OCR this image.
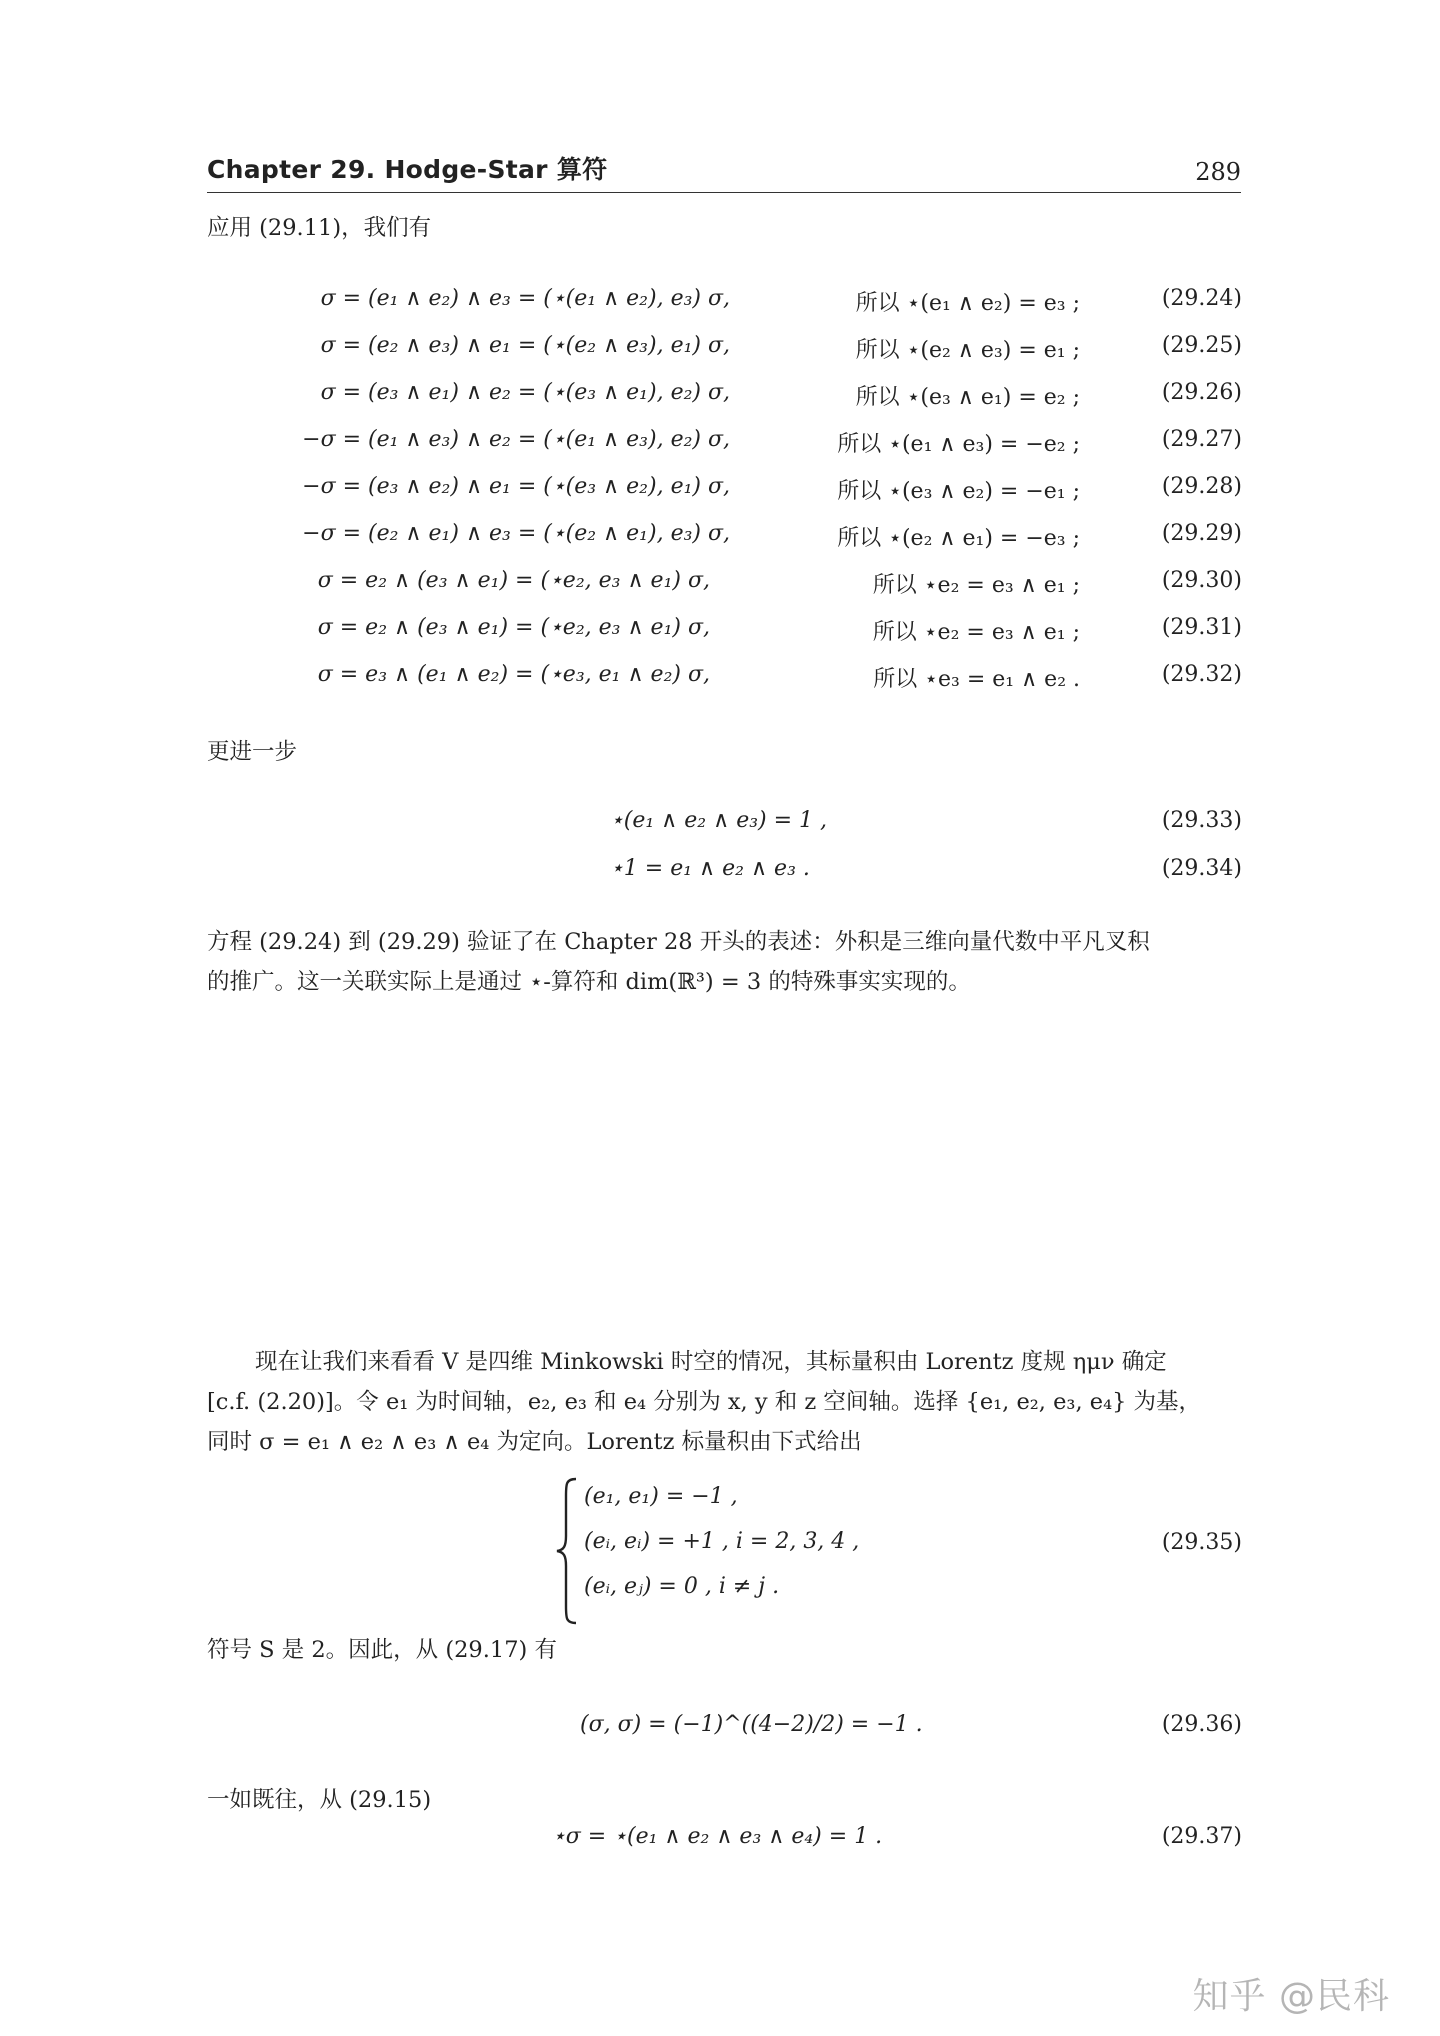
Chapter 29. Hodge-Star 算符	289
应用 (29.11)，我们有
σ = (e₁ ∧ e₂) ∧ e₃ = (⋆(e₁ ∧ e₂), e₃) σ,	所以 ⋆(e₁ ∧ e₂) = e₃ ;	(29.24)
σ = (e₂ ∧ e₃) ∧ e₁ = (⋆(e₂ ∧ e₃), e₁) σ,	所以 ⋆(e₂ ∧ e₃) = e₁ ;	(29.25)
σ = (e₃ ∧ e₁) ∧ e₂ = (⋆(e₃ ∧ e₁), e₂) σ,	所以 ⋆(e₃ ∧ e₁) = e₂ ;	(29.26)
−σ = (e₁ ∧ e₃) ∧ e₂ = (⋆(e₁ ∧ e₃), e₂) σ,	所以 ⋆(e₁ ∧ e₃) = −e₂ ;	(29.27)
−σ = (e₃ ∧ e₂) ∧ e₁ = (⋆(e₃ ∧ e₂), e₁) σ,	所以 ⋆(e₃ ∧ e₂) = −e₁ ;	(29.28)
−σ = (e₂ ∧ e₁) ∧ e₃ = (⋆(e₂ ∧ e₁), e₃) σ,	所以 ⋆(e₂ ∧ e₁) = −e₃ ;	(29.29)
σ = e₂ ∧ (e₃ ∧ e₁) = (⋆e₂, e₃ ∧ e₁) σ,	所以 ⋆e₂ = e₃ ∧ e₁ ;	(29.30)
σ = e₂ ∧ (e₃ ∧ e₁) = (⋆e₂, e₃ ∧ e₁) σ,	所以 ⋆e₂ = e₃ ∧ e₁ ;	(29.31)
σ = e₃ ∧ (e₁ ∧ e₂) = (⋆e₃, e₁ ∧ e₂) σ,	所以 ⋆e₃ = e₁ ∧ e₂ .	(29.32)
更进一步
⋆(e₁ ∧ e₂ ∧ e₃) = 1 ,	(29.33)
⋆1 = e₁ ∧ e₂ ∧ e₃ .	(29.34)
方程 (29.24) 到 (29.29) 验证了在 Chapter 28 开头的表述：外积是三维向量代数中平凡叉积
的推广。这一关联实际上是通过 ⋆-算符和 dim(ℝ³) = 3 的特殊事实实现的。
现在让我们来看看 V 是四维 Minkowski 时空的情况，其标量积由 Lorentz 度规 ημν 确定
[c.f. (2.20)]。令 e₁ 为时间轴，e₂, e₃ 和 e₄ 分别为 x, y 和 z 空间轴。选择 {e₁, e₂, e₃, e₄} 为基，
同时 σ = e₁ ∧ e₂ ∧ e₃ ∧ e₄ 为定向。Lorentz 标量积由下式给出
(e₁, e₁) = −1 ,
(eᵢ, eᵢ) = +1 , i = 2, 3, 4 ,
(eᵢ, eⱼ) = 0 , i ≠ j .
(29.35)
符号 S 是 2。因此，从 (29.17) 有
(σ, σ) = (−1)^((4−2)/2) = −1 .	(29.36)
一如既往，从 (29.15)
⋆σ = ⋆(e₁ ∧ e₂ ∧ e₃ ∧ e₄) = 1 .	(29.37)
知乎 @民科
